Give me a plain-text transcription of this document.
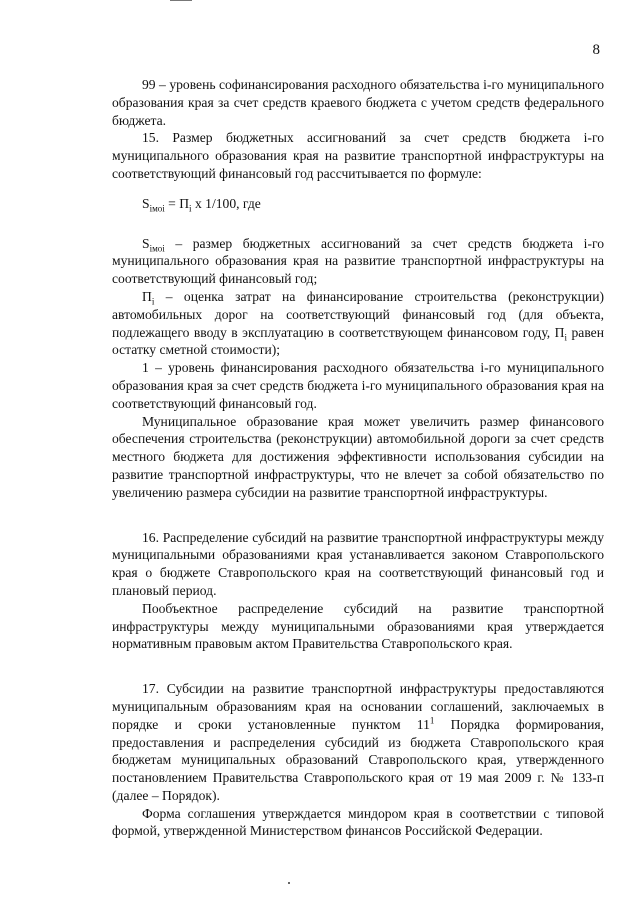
8

99 – уровень софинансирования расходного обязательства i-го муниципального образования края за счет средств краевого бюджета с учетом средств федерального бюджета.

15. Размер бюджетных ассигнований за счет средств бюджета i-го муниципального образования края на развитие транспортной инфраструктуры на соответствующий финансовый год рассчитывается по формуле:

$S_{iмоi} = П_i$ x 1/100, где

$S_{iмоi}$ – размер бюджетных ассигнований за счет средств бюджета i-го муниципального образования края на развитие транспортной инфраструктуры на соответствующий финансовый год;

$П_i$ – оценка затрат на финансирование строительства (реконструкции) автомобильных дорог на соответствующий финансовый год (для объекта, подлежащего вводу в эксплуатацию в соответствующем финансовом году, $П_i$ равен остатку сметной стоимости);

1 – уровень финансирования расходного обязательства i-го муниципального образования края за счет средств бюджета i-го муниципального образования края на соответствующий финансовый год.

Муниципальное образование края может увеличить размер финансового обеспечения строительства (реконструкции) автомобильной дороги за счет средств местного бюджета для достижения эффективности использования субсидии на развитие транспортной инфраструктуры, что не влечет за собой обязательство по увеличению размера субсидии на развитие транспортной инфраструктуры.

16. Распределение субсидий на развитие транспортной инфраструктуры между муниципальными образованиями края устанавливается законом Ставропольского края о бюджете Ставропольского края на соответствующий финансовый год и плановый период.

Пообъектное распределение субсидий на развитие транспортной инфраструктуры между муниципальными образованиями края утверждается нормативным правовым актом Правительства Ставропольского края.

17. Субсидии на развитие транспортной инфраструктуры предоставляются муниципальным образованиям края на основании соглашений, заключаемых в порядке и сроки установленные пунктом $11^1$ Порядка формирования, предоставления и распределения субсидий из бюджета Ставропольского края бюджетам муниципальных образований Ставропольского края, утвержденного постановлением Правительства Ставропольского края от 19 мая 2009 г. № 133-п (далее – Порядок).

Форма соглашения утверждается миндором края в соответствии с типовой формой, утвержденной Министерством финансов Российской Федерации.
